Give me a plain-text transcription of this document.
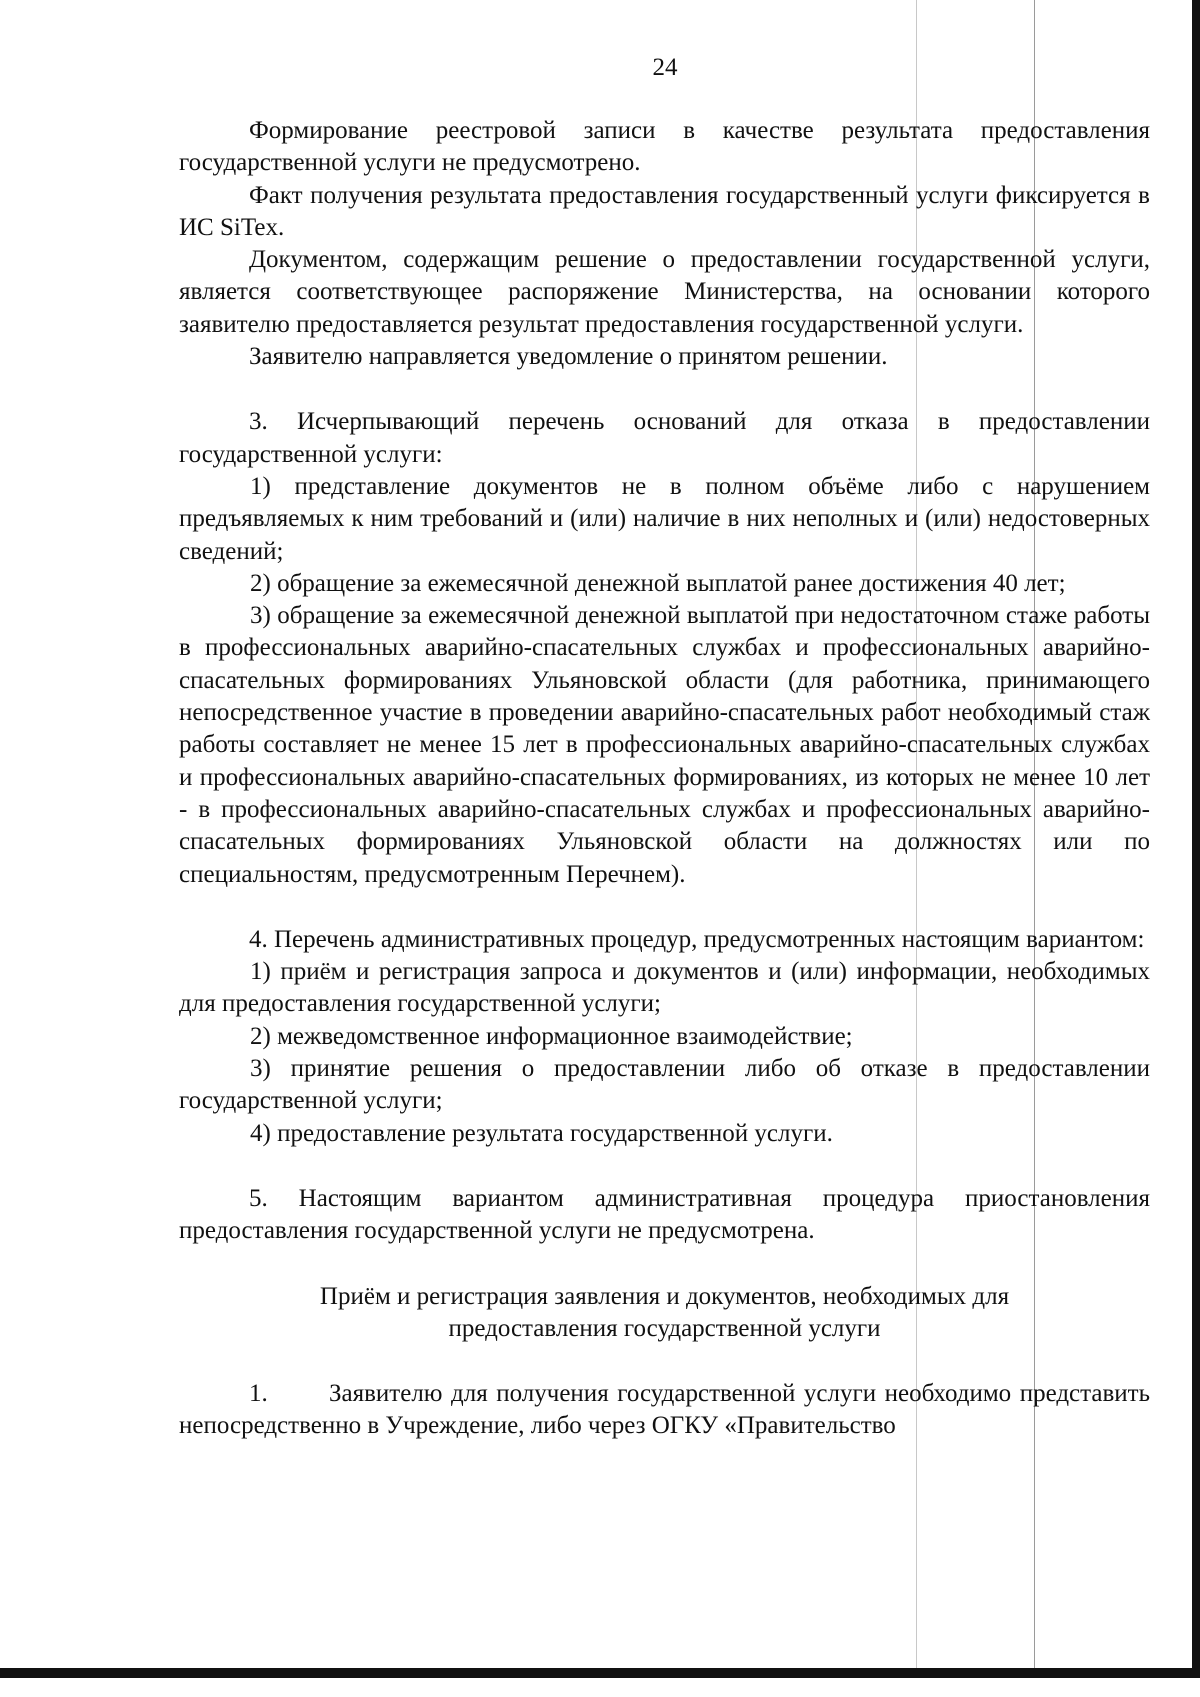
24

Формирование реестровой записи в качестве результата предоставления государственной услуги не предусмотрено.

Факт получения результата предоставления государственный услуги фиксируется в ИС SiTex.

Документом, содержащим решение о предоставлении государственной услуги, является соответствующее распоряжение Министерства, на основании которого заявителю предоставляется результат предоставления государственной услуги.

Заявителю направляется уведомление о принятом решении.

3. Исчерпывающий перечень оснований для отказа в предоставлении государственной услуги:

1) представление документов не в полном объёме либо с нарушением предъявляемых к ним требований и (или) наличие в них неполных и (или) недостоверных сведений;

2) обращение за ежемесячной денежной выплатой ранее достижения 40 лет;

3) обращение за ежемесячной денежной выплатой при недостаточном стаже работы в профессиональных аварийно-спасательных службах и профессиональных аварийно-спасательных формированиях Ульяновской области (для работника, принимающего непосредственное участие в проведении аварийно-спасательных работ необходимый стаж работы составляет не менее 15 лет в профессиональных аварийно-спасательных службах и профессиональных аварийно-спасательных формированиях, из которых не менее 10 лет - в профессиональных аварийно-спасательных службах и профессиональных аварийно-спасательных формированиях Ульяновской области на должностях или по специальностям, предусмотренным Перечнем).

4. Перечень административных процедур, предусмотренных настоящим вариантом:

1) приём и регистрация запроса и документов и (или) информации, необходимых для предоставления государственной услуги;

2) межведомственное информационное взаимодействие;

3) принятие решения о предоставлении либо об отказе в предоставлении государственной услуги;

4) предоставление результата государственной услуги.

5. Настоящим вариантом административная процедура приостановления предоставления государственной услуги не предусмотрена.

Приём и регистрация заявления и документов, необходимых для
предоставления государственной услуги

1. Заявителю для получения государственной услуги необходимо представить непосредственно в Учреждение, либо через ОГКУ «Правительство
